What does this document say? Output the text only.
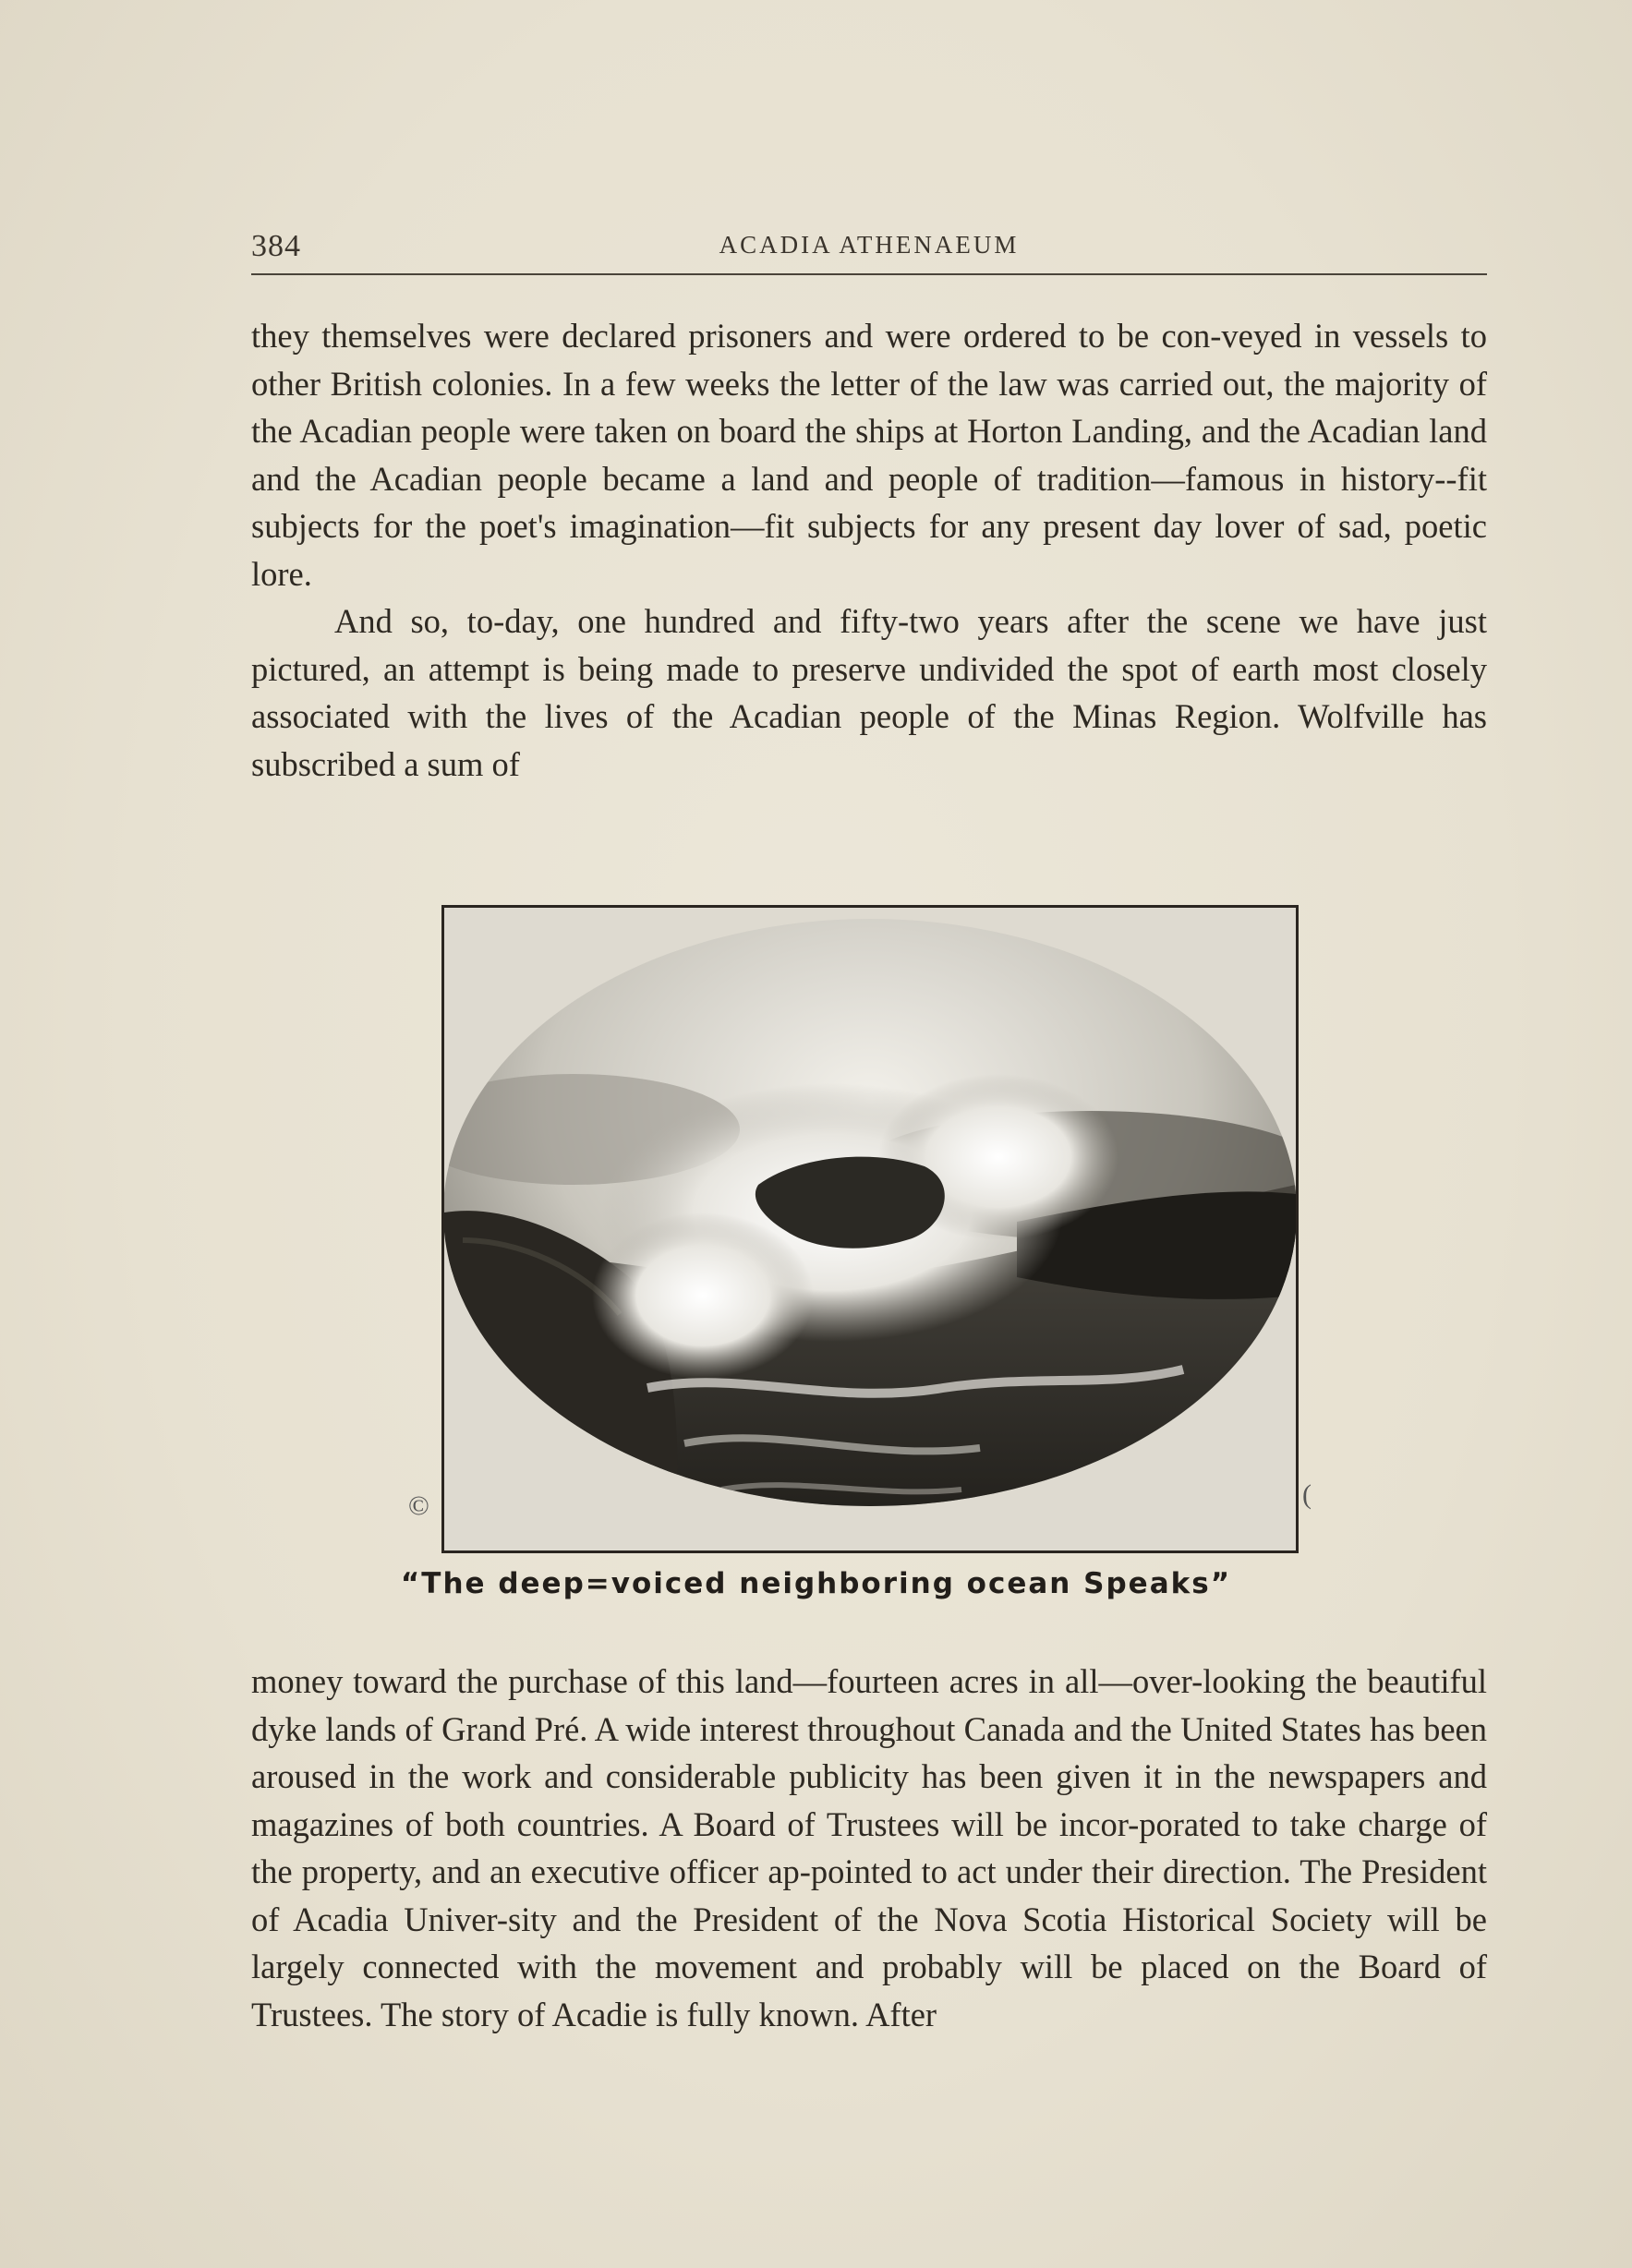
384	ACADIA ATHENAEUM

they themselves were declared prisoners and were ordered to be con-veyed in vessels to other British colonies. In a few weeks the letter of the law was carried out, the majority of the Acadian people were taken on board the ships at Horton Landing, and the Acadian land and the Acadian people became a land and people of tradition—famous in history--fit subjects for the poet's imagination—fit subjects for any present day lover of sad, poetic lore.

And so, to-day, one hundred and fifty-two years after the scene we have just pictured, an attempt is being made to preserve undivided the spot of earth most closely associated with the lives of the Acadian people of the Minas Region. Wolfville has subscribed a sum of

©	(
“The deep=voiced neighboring ocean Speaks”

money toward the purchase of this land—fourteen acres in all—over-looking the beautiful dyke lands of Grand Pré. A wide interest throughout Canada and the United States has been aroused in the work and considerable publicity has been given it in the newspapers and magazines of both countries. A Board of Trustees will be incor-porated to take charge of the property, and an executive officer ap-pointed to act under their direction. The President of Acadia Univer-sity and the President of the Nova Scotia Historical Society will be largely connected with the movement and probably will be placed on the Board of Trustees. The story of Acadie is fully known. After
